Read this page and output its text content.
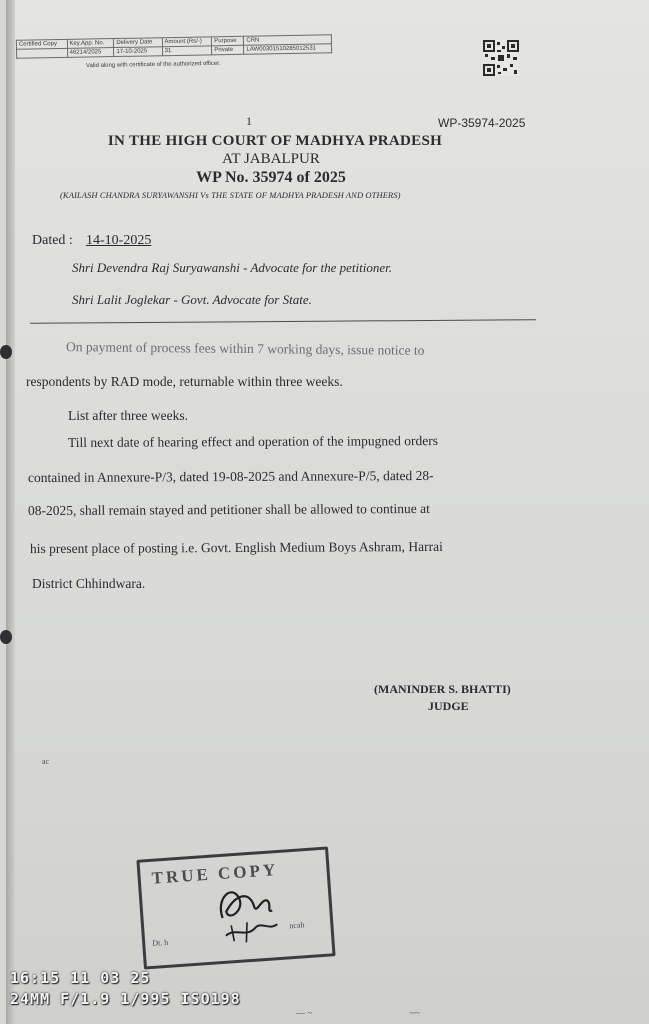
Certified Copy	Key.App. No.	Delivery Date	Amount (Rs/-)	Purpose	CRN
	46214/2025	17-10-2025	31	Private	LAW00301510285012531
Valid along with certificate of the authorized officer.
1	WP-35974-2025
IN THE HIGH COURT OF MADHYA PRADESH
AT JABALPUR
WP No. 35974 of 2025
(KAILASH CHANDRA SURYAWANSHI Vs THE STATE OF MADHYA PRADESH AND OTHERS)
Dated : 14-10-2025
Shri Devendra Raj Suryawanshi - Advocate for the petitioner.
Shri Lalit Joglekar - Govt. Advocate for State.
On payment of process fees within 7 working days, issue notice to
respondents by RAD mode, returnable within three weeks.
List after three weeks.
Till next date of hearing effect and operation of the impugned orders
contained in Annexure-P/3, dated 19-08-2025 and Annexure-P/5, dated 28-
08-2025, shall remain stayed and petitioner shall be allowed to continue at
his present place of posting i.e. Govt. English Medium Boys Ashram, Harrai
District Chhindwara.
(MANINDER S. BHATTI)
JUDGE
ac
TRUE COPY
Dt. h
ncah
— ~	~~
16:15 11 03 25
24MM F/1.9 1/995 ISO198
